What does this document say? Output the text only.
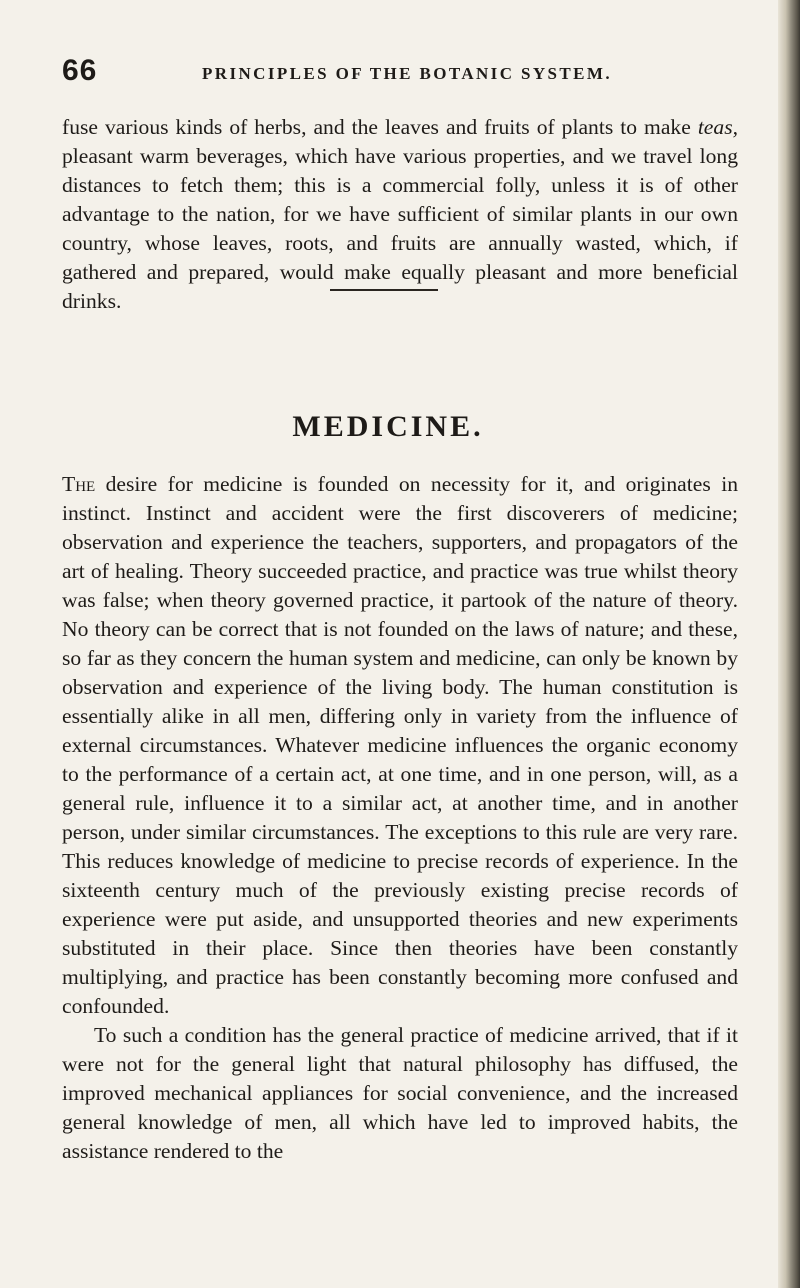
66	PRINCIPLES OF THE BOTANIC SYSTEM.

fuse various kinds of herbs, and the leaves and fruits of plants to make teas, pleasant warm beverages, which have various properties, and we travel long distances to fetch them; this is a commercial folly, unless it is of other advantage to the nation, for we have sufficient of similar plants in our own country, whose leaves, roots, and fruits are annually wasted, which, if gathered and prepared, would make equally pleasant and more beneficial drinks.

MEDICINE.

The desire for medicine is founded on necessity for it, and originates in instinct. Instinct and accident were the first discoverers of medicine; observation and experience the teachers, supporters, and propagators of the art of healing. Theory succeeded practice, and practice was true whilst theory was false; when theory governed practice, it partook of the nature of theory. No theory can be correct that is not founded on the laws of nature; and these, so far as they concern the human system and medicine, can only be known by observation and experience of the living body. The human constitution is essentially alike in all men, differing only in variety from the influence of external circumstances. Whatever medicine influences the organic economy to the performance of a certain act, at one time, and in one person, will, as a general rule, influence it to a similar act, at another time, and in another person, under similar circumstances. The exceptions to this rule are very rare. This reduces knowledge of medicine to precise records of experience. In the sixteenth century much of the previously existing precise records of experience were put aside, and unsupported theories and new experiments substituted in their place. Since then theories have been constantly multiplying, and practice has been constantly becoming more confused and confounded.

To such a condition has the general practice of medicine arrived, that if it were not for the general light that natural philosophy has diffused, the improved mechanical appliances for social convenience, and the increased general knowledge of men, all which have led to improved habits, the assistance rendered to the
